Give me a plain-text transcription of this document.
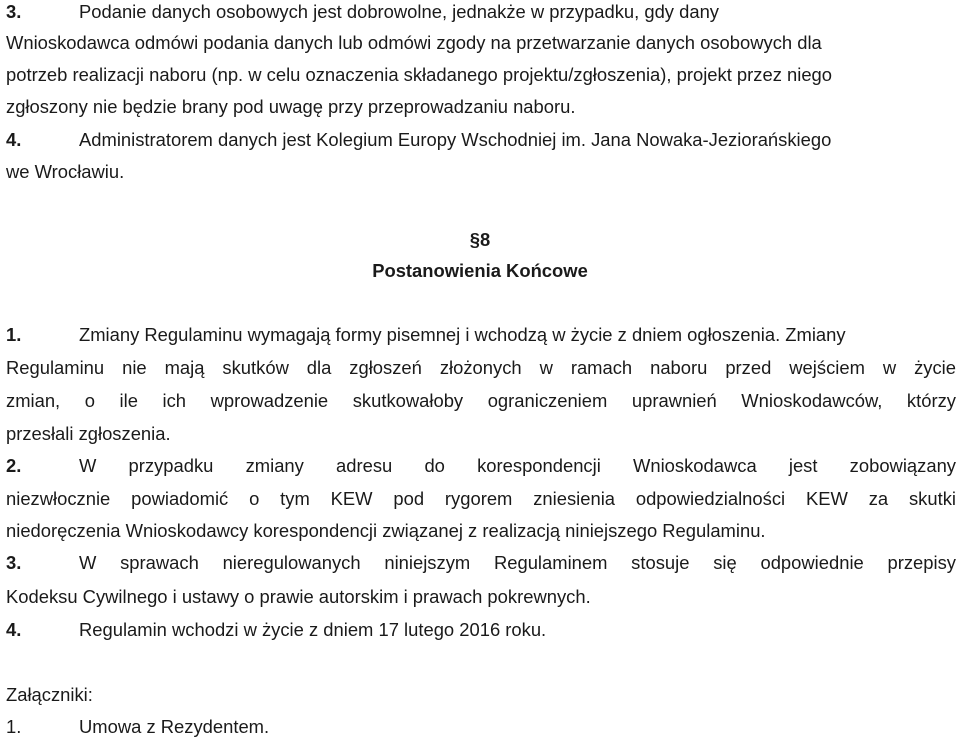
3.	Podanie danych osobowych jest dobrowolne, jednakże w przypadku, gdy dany
Wnioskodawca odmówi podania danych lub odmówi zgody na przetwarzanie danych osobowych dla
potrzeb realizacji naboru (np. w celu oznaczenia składanego projektu/zgłoszenia), projekt przez niego
zgłoszony nie będzie brany pod uwagę przy przeprowadzaniu naboru.
4.	Administratorem danych jest Kolegium Europy Wschodniej im. Jana Nowaka-Jeziorańskiego
we Wrocławiu.
§8
Postanowienia Końcowe
1.	Zmiany Regulaminu wymagają formy pisemnej i wchodzą w życie z dniem ogłoszenia. Zmiany
Regulaminu nie mają skutków dla zgłoszeń złożonych w ramach naboru przed wejściem w życie
zmian, o ile ich wprowadzenie skutkowałoby ograniczeniem uprawnień Wnioskodawców, którzy
przesłali zgłoszenia.
2.	W przypadku zmiany adresu do korespondencji Wnioskodawca jest zobowiązany
niezwłocznie powiadomić o tym KEW pod rygorem zniesienia odpowiedzialności KEW za skutki
niedoręczenia Wnioskodawcy korespondencji związanej z realizacją niniejszego Regulaminu.
3.	W sprawach nieregulowanych niniejszym Regulaminem stosuje się odpowiednie przepisy
Kodeksu Cywilnego i ustawy o prawie autorskim i prawach pokrewnych.
4.	Regulamin wchodzi w życie z dniem 17 lutego 2016 roku.
Załączniki:
1.	Umowa z Rezydentem.
